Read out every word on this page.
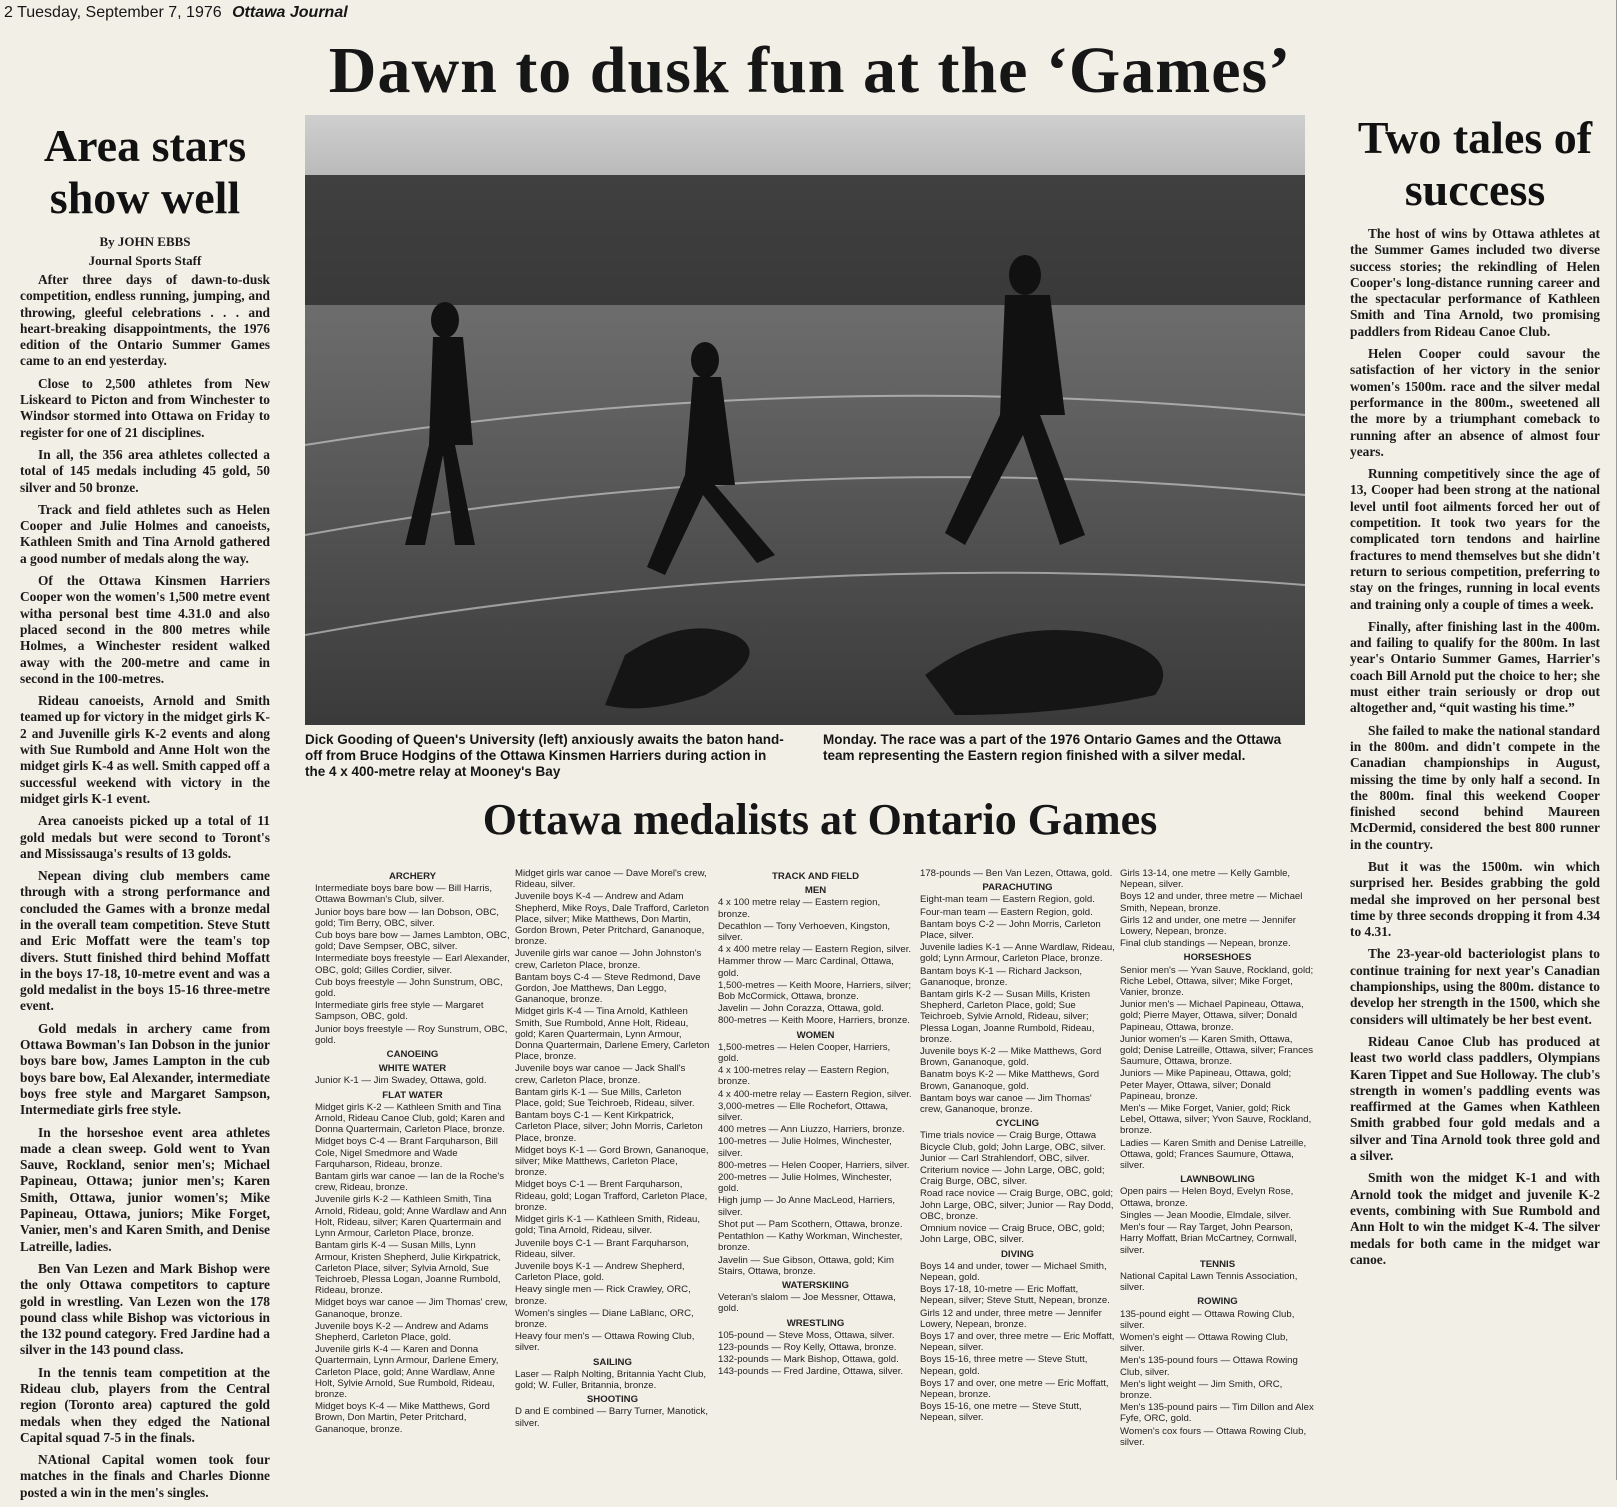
2 Tuesday, September 7, 1976 Ottawa Journal
Dawn to dusk fun at the ‘Games’
Area stars show well
By JOHN EBBS
Journal Sports Staff

After three days of dawn-to-dusk competition, endless running, jumping, and throwing, gleeful celebrations . . . and heart-breaking disappointments, the 1976 edition of the Ontario Summer Games came to an end yesterday.

Close to 2,500 athletes from New Liskeard to Picton and from Winchester to Windsor stormed into Ottawa on Friday to register for one of 21 disciplines.

In all, the 356 area athletes collected a total of 145 medals including 45 gold, 50 silver and 50 bronze.

Track and field athletes such as Helen Cooper and Julie Holmes and canoeists, Kathleen Smith and Tina Arnold gathered a good number of medals along the way.

Of the Ottawa Kinsmen Harriers Cooper won the women's 1,500 metre event witha personal best time 4.31.0 and also placed second in the 800 metres while Holmes, a Winchester resident walked away with the 200-metre and came in second in the 100-metres.

Rideau canoeists, Arnold and Smith teamed up for victory in the midget girls K-2 and Juvenille girls K-2 events and along with Sue Rumbold and Anne Holt won the midget girls K-4 as well. Smith capped off a successful weekend with victory in the midget girls K-1 event.

Area canoeists picked up a total of 11 gold medals but were second to Toront's and Mississauga's results of 13 golds.

Nepean diving club members came through with a strong performance and concluded the Games with a bronze medal in the overall team competition. Steve Stutt and Eric Moffatt were the team's top divers. Stutt finished third behind Moffatt in the boys 17-18, 10-metre event and was a gold medalist in the boys 15-16 three-metre event.

Gold medals in archery came from Ottawa Bowman's Ian Dobson in the junior boys bare bow, James Lampton in the cub boys bare bow, Eal Alexander, intermediate boys free style and Margaret Sampson, Intermediate girls free style.

In the horseshoe event area athletes made a clean sweep. Gold went to Yvan Sauve, Rockland, senior men's; Michael Papineau, Ottawa; junior men's; Karen Smith, Ottawa, junior women's; Mike Papineau, Ottawa, juniors; Mike Forget, Vanier, men's and Karen Smith, and Denise Latreille, ladies.

Ben Van Lezen and Mark Bishop were the only Ottawa competitors to capture gold in wrestling. Van Lezen won the 178 pound class while Bishop was victorious in the 132 pound category. Fred Jardine had a silver in the 143 pound class.

In the tennis team competition at the Rideau club, players from the Central region (Toronto area) captured the gold medals when they edged the National Capital squad 7-5 in the finals.

NAtional Capital women took four matches in the finals and Charles Dionne posted a win in the men's singles.

Dick Gooding of Queen's University (left) anxiously awaits the baton hand-off from Bruce Hodgins of the Ottawa Kinsmen Harriers during action in the 4 x 400-metre relay at Mooney's Bay
Monday. The race was a part of the 1976 Ontario Games and the Ottawa team representing the Eastern region finished with a silver medal.
Two tales of success

The host of wins by Ottawa athletes at the Summer Games included two diverse success stories; the rekindling of Helen Cooper's long-distance running career and the spectacular performance of Kathleen Smith and Tina Arnold, two promising paddlers from Rideau Canoe Club.

Helen Cooper could savour the satisfaction of her victory in the senior women's 1500m. race and the silver medal performance in the 800m., sweetened all the more by a triumphant comeback to running after an absence of almost four years.

Running competitively since the age of 13, Cooper had been strong at the national level until foot ailments forced her out of competition. It took two years for the complicated torn tendons and hairline fractures to mend themselves but she didn't return to serious competition, preferring to stay on the fringes, running in local events and training only a couple of times a week.

Finally, after finishing last in the 400m. and failing to qualify for the 800m. In last year's Ontario Summer Games, Harrier's coach Bill Arnold put the choice to her; she must either train seriously or drop out altogether and, “quit wasting his time.”

She failed to make the national standard in the 800m. and didn't compete in the Canadian championships in August, missing the time by only half a second. In the 800m. final this weekend Cooper finished second behind Maureen McDermid, considered the best 800 runner in the country.

But it was the 1500m. win which surprised her. Besides grabbing the gold medal she improved on her personal best time by three seconds dropping it from 4.34 to 4.31.

The 23-year-old bacteriologist plans to continue training for next year's Canadian championships, using the 800m. distance to develop her strength in the 1500, which she considers will ultimately be her best event.

Rideau Canoe Club has produced at least two world class paddlers, Olympians Karen Tippet and Sue Holloway. The club's strength in women's paddling events was reaffirmed at the Games when Kathleen Smith grabbed four gold medals and a silver and Tina Arnold took three gold and a silver.

Smith won the midget K-1 and with Arnold took the midget and juvenile K-2 events, combining with Sue Rumbold and Ann Holt to win the midget K-4. The silver medals for both came in the midget war canoe.

Ottawa medalists at Ontario Games
ARCHERY
Intermediate boys bare bow — Bill Harris, Ottawa Bowman's Club, silver.
Junior boys bare bow — Ian Dobson, OBC, gold; Tim Berry, OBC, silver.
Cub boys bare bow — James Lambton, OBC, gold; Dave Sempser, OBC, silver.
Intermediate boys freestyle — Earl Alexander, OBC, gold; Gilles Cordier, silver.
Cub boys freestyle — John Sunstrum, OBC, gold.
Intermediate girls free style — Margaret Sampson, OBC, gold.
Junior boys freestyle — Roy Sunstrum, OBC, gold.
CANOEING
WHITE WATER
Junior K-1 — Jim Swadey, Ottawa, gold.
FLAT WATER
Midget girls K-2 — Kathleen Smith and Tina Arnold, Rideau Canoe Club, gold; Karen and Donna Quartermain, Carleton Place, bronze.
Midget boys C-4 — Brant Farquharson, Bill Cole, Nigel Smedmore and Wade Farquharson, Rideau, bronze.
Bantam girls war canoe — Ian de la Roche's crew, Rideau, bronze.
Juvenile girls K-2 — Kathleen Smith, Tina Arnold, Rideau, gold; Anne Wardlaw and Ann Holt, Rideau, silver; Karen Quartermain and Lynn Armour, Carleton Place, bronze.
Bantam girls K-4 — Susan Mills, Lynn Armour, Kristen Shepherd, Julie Kirkpatrick, Carleton Place, silver; Sylvia Arnold, Sue Teichroeb, Plessa Logan, Joanne Rumbold, Rideau, bronze.
Midget boys war canoe — Jim Thomas' crew, Gananoque, bronze.
Juvenile boys K-2 — Andrew and Adams Shepherd, Carleton Place, gold.
Juvenile girls K-4 — Karen and Donna Quartermain, Lynn Armour, Darlene Emery, Carleton Place, gold; Anne Wardlaw, Anne Holt, Sylvie Arnold, Sue Rumbold, Rideau, bronze.
Midget boys K-4 — Mike Matthews, Gord Brown, Don Martin, Peter Pritchard, Gananoque, bronze.
Midget girls war canoe — Dave Morel's crew, Rideau, silver.
Juvenile boys K-4 — Andrew and Adam Shepherd, Mike Roys, Dale Trafford, Carleton Place, silver; Mike Matthews, Don Martin, Gordon Brown, Peter Pritchard, Gananoque, bronze.
Juvenile girls war canoe — John Johnston's crew, Carleton Place, bronze.
Bantam boys C-4 — Steve Redmond, Dave Gordon, Joe Matthews, Dan Leggo, Gananoque, bronze.
Midget girls K-4 — Tina Arnold, Kathleen Smith, Sue Rumbold, Anne Holt, Rideau, gold; Karen Quartermain, Lynn Armour, Donna Quartermain, Darlene Emery, Carleton Place, bronze.
Juvenile boys war canoe — Jack Shall's crew, Carleton Place, bronze.
Bantam girls K-1 — Sue Mills, Carleton Place, gold; Sue Teichroeb, Rideau, silver.
Bantam boys C-1 — Kent Kirkpatrick, Carleton Place, silver; John Morris, Carleton Place, bronze.
Midget boys K-1 — Gord Brown, Gananoque, silver; Mike Matthews, Carleton Place, bronze.
Midget boys C-1 — Brent Farquharson, Rideau, gold; Logan Trafford, Carleton Place, bronze.
Midget girls K-1 — Kathleen Smith, Rideau, gold; Tina Arnold, Rideau, silver.
Juvenile boys C-1 — Brant Farquharson, Rideau, silver.
Juvenile boys K-1 — Andrew Shepherd, Carleton Place, gold.
Heavy single men — Rick Crawley, ORC, bronze.
Women's singles — Diane LaBlanc, ORC, bronze.
Heavy four men's — Ottawa Rowing Club, silver.
SAILING
Laser — Ralph Nolting, Britannia Yacht Club, gold; W. Fuller, Britannia, bronze.
SHOOTING
D and E combined — Barry Turner, Manotick, silver.
TRACK AND FIELD
MEN
4 x 100 metre relay — Eastern region, bronze.
Decathlon — Tony Verhoeven, Kingston, silver.
4 x 400 metre relay — Eastern Region, silver.
Hammer throw — Marc Cardinal, Ottawa, gold.
1,500-metres — Keith Moore, Harriers, silver; Bob McCormick, Ottawa, bronze.
Javelin — John Corazza, Ottawa, gold.
800-metres — Keith Moore, Harriers, bronze.
WOMEN
1,500-metres — Helen Cooper, Harriers, gold.
4 x 100-metres relay — Eastern Region, bronze.
4 x 400-metre relay — Eastern Region, silver.
3,000-metres — Elle Rochefort, Ottawa, silver.
400 metres — Ann Liuzzo, Harriers, bronze.
100-metres — Julie Holmes, Winchester, silver.
800-metres — Helen Cooper, Harriers, silver.
200-metres — Julie Holmes, Winchester, gold.
High jump — Jo Anne MacLeod, Harriers, silver.
Shot put — Pam Scothern, Ottawa, bronze.
Pentathlon — Kathy Workman, Winchester, bronze.
Javelin — Sue Gibson, Ottawa, gold; Kim Stairs, Ottawa, bronze.
WATERSKIING
Veteran's slalom — Joe Messner, Ottawa, gold.
WRESTLING
105-pound — Steve Moss, Ottawa, silver.
123-pounds — Roy Kelly, Ottawa, bronze.
132-pounds — Mark Bishop, Ottawa, gold.
143-pounds — Fred Jardine, Ottawa, silver.
178-pounds — Ben Van Lezen, Ottawa, gold.
PARACHUTING
Eight-man team — Eastern Region, gold.
Four-man team — Eastern Region, gold.
Bantam boys C-2 — John Morris, Carleton Place, silver.
Juvenile ladies K-1 — Anne Wardlaw, Rideau, gold; Lynn Armour, Carleton Place, bronze.
Bantam boys K-1 — Richard Jackson, Gananoque, bronze.
Bantam girls K-2 — Susan Mills, Kristen Shepherd, Carleton Place, gold; Sue Teichroeb, Sylvie Arnold, Rideau, silver; Plessa Logan, Joanne Rumbold, Rideau, bronze.
Juvenile boys K-2 — Mike Matthews, Gord Brown, Gananoque, gold.
Banatm boys K-2 — Mike Matthews, Gord Brown, Gananoque, gold.
Bantam boys war canoe — Jim Thomas' crew, Gananoque, bronze.
CYCLING
Time trials novice — Craig Burge, Ottawa Bicycle Club, gold; John Large, OBC, silver. Junior — Carl Strahlendorf, OBC, silver.
Criterium novice — John Large, OBC, gold; Craig Burge, OBC, silver.
Road race novice — Craig Burge, OBC, gold; John Large, OBC, silver; Junior — Ray Dodd, OBC, bronze.
Omnium novice — Craig Bruce, OBC, gold; John Large, OBC, silver.
DIVING
Boys 14 and under, tower — Michael Smith, Nepean, gold.
Boys 17-18, 10-metre — Eric Moffatt, Nepean, silver; Steve Stutt, Nepean, bronze.
Girls 12 and under, three metre — Jennifer Lowery, Nepean, bronze.
Boys 17 and over, three metre — Eric Moffatt, Nepean, silver.
Boys 15-16, three metre — Steve Stutt, Nepean, gold.
Boys 17 and over, one metre — Eric Moffatt, Nepean, bronze.
Boys 15-16, one metre — Steve Stutt, Nepean, silver.
Girls 13-14, one metre — Kelly Gamble, Nepean, silver.
Boys 12 and under, three metre — Michael Smith, Nepean, bronze.
Girls 12 and under, one metre — Jennifer Lowery, Nepean, bronze.
Final club standings — Nepean, bronze.
HORSESHOES
Senior men's — Yvan Sauve, Rockland, gold; Riche Lebel, Ottawa, silver; Mike Forget, Vanier, bronze.
Junior men's — Michael Papineau, Ottawa, gold; Pierre Mayer, Ottawa, silver; Donald Papineau, Ottawa, bronze.
Junior women's — Karen Smith, Ottawa, gold; Denise Latreille, Ottawa, silver; Frances Saumure, Ottawa, bronze.
Juniors — Mike Papineau, Ottawa, gold; Peter Mayer, Ottawa, silver; Donald Papineau, bronze.
Men's — Mike Forget, Vanier, gold; Rick Lebel, Ottawa, silver; Yvon Sauve, Rockland, bronze.
Ladies — Karen Smith and Denise Latreille, Ottawa, gold; Frances Saumure, Ottawa, silver.
LAWNBOWLING
Open pairs — Helen Boyd, Evelyn Rose, Ottawa, bronze.
Singles — Jean Moodie, Elmdale, silver.
Men's four — Ray Target, John Pearson, Harry Moffatt, Brian McCartney, Cornwall, silver.
TENNIS
National Capital Lawn Tennis Association, silver.
ROWING
135-pound eight — Ottawa Rowing Club, silver.
Women's eight — Ottawa Rowing Club, silver.
Men's 135-pound fours — Ottawa Rowing Club, silver.
Men's light weight — Jim Smith, ORC, bronze.
Men's 135-pound pairs — Tim Dillon and Alex Fyfe, ORC, gold.
Women's cox fours — Ottawa Rowing Club, silver.
